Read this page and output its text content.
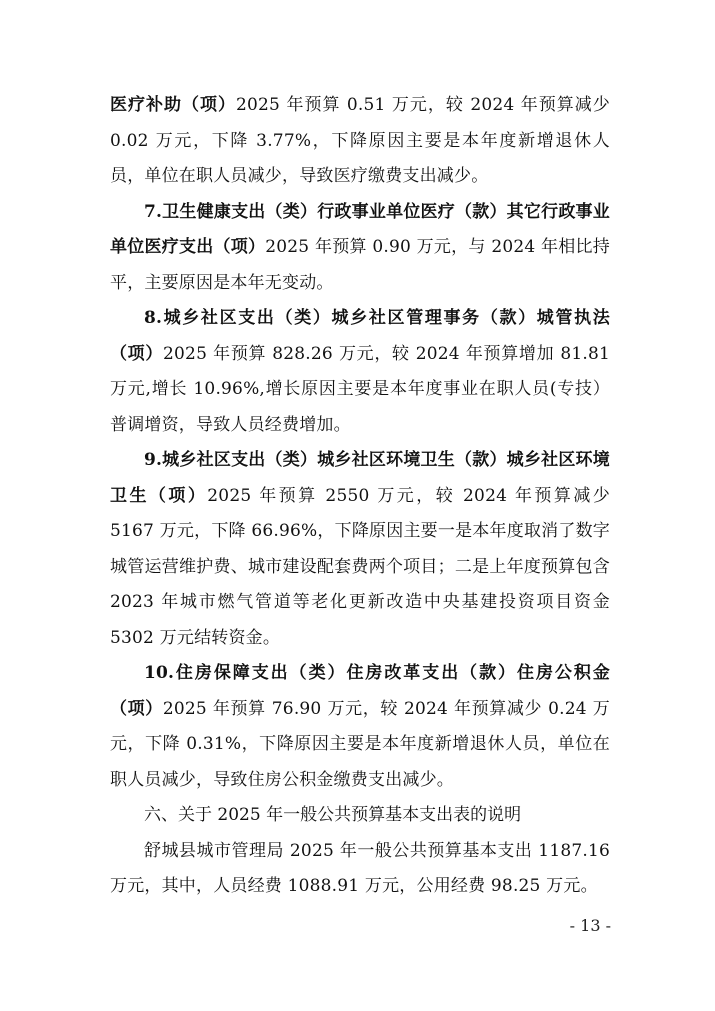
医疗补助（项）2025 年预算 0.51 万元，较 2024 年预算减少 0.02 万元，下降 3.77%，下降原因主要是本年度新增退休人员，单位在职人员减少，导致医疗缴费支出减少。

7.卫生健康支出（类）行政事业单位医疗（款）其它行政事业单位医疗支出（项）2025 年预算 0.90 万元，与 2024 年相比持平，主要原因是本年无变动。

8.城乡社区支出（类）城乡社区管理事务（款）城管执法（项）2025 年预算 828.26 万元，较 2024 年预算增加 81.81 万元,增长 10.96%,增长原因主要是本年度事业在职人员(专技）普调增资，导致人员经费增加。

9.城乡社区支出（类）城乡社区环境卫生（款）城乡社区环境卫生（项）2025 年预算 2550 万元，较 2024 年预算减少 5167 万元，下降 66.96%，下降原因主要一是本年度取消了数字城管运营维护费、城市建设配套费两个项目；二是上年度预算包含 2023 年城市燃气管道等老化更新改造中央基建投资项目资金 5302 万元结转资金。

10.住房保障支出（类）住房改革支出（款）住房公积金（项）2025 年预算 76.90 万元，较 2024 年预算减少 0.24 万元，下降 0.31%，下降原因主要是本年度新增退休人员，单位在职人员减少，导致住房公积金缴费支出减少。

六、关于 2025 年一般公共预算基本支出表的说明

舒城县城市管理局 2025 年一般公共预算基本支出 1187.16 万元，其中，人员经费 1088.91 万元，公用经费 98.25 万元。

- 13 -
